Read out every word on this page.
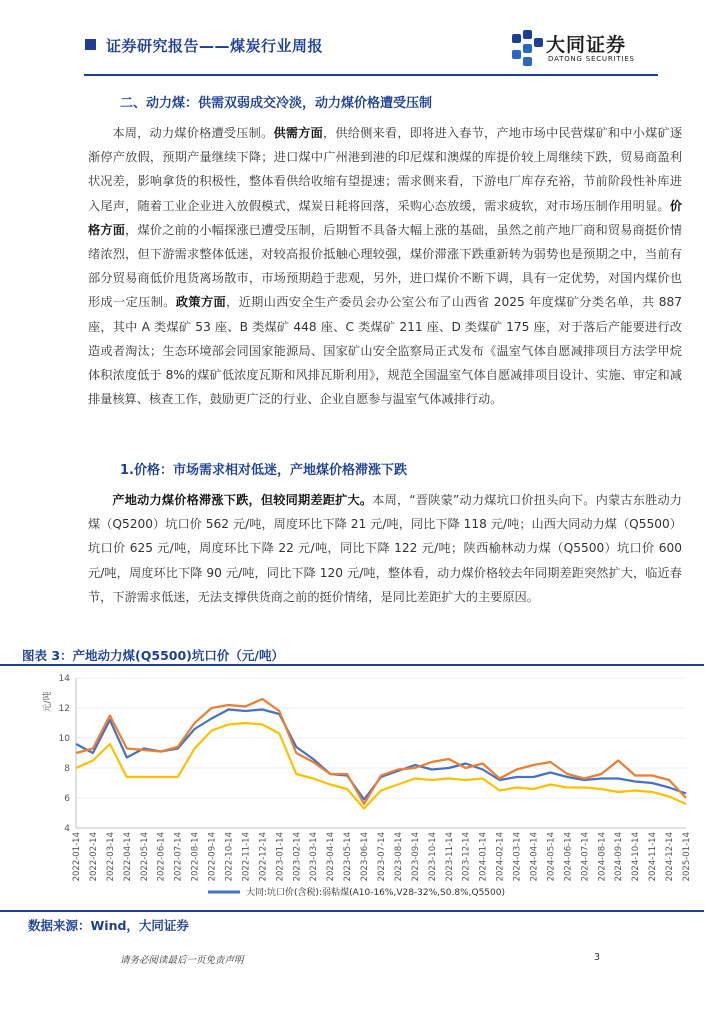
证券研究报告——煤炭行业周报	大同证券
DATONG SECURITIES
二、动力煤：供需双弱成交冷淡，动力煤价格遭受压制
本周，动力煤价格遭受压制。供需方面，供给侧来看，即将进入春节，产地市场中民营煤矿和中小煤矿逐渐停产放假，预期产量继续下降；进口煤中广州港到港的印尼煤和澳煤的库提价较上周继续下跌，贸易商盈利状况差，影响拿货的积极性，整体看供给收缩有望提速；需求侧来看，下游电厂库存充裕，节前阶段性补库进入尾声，随着工业企业进入放假模式，煤炭日耗将回落，采购心态放缓，需求疲软，对市场压制作用明显。价格方面，煤价之前的小幅探涨已遭受压制，后期暂不具备大幅上涨的基础，虽然之前产地厂商和贸易商挺价情绪浓烈，但下游需求整体低迷，对较高报价抵触心理较强，煤价滞涨下跌重新转为弱势也是预期之中，当前有部分贸易商低价甩货离场散市，市场预期趋于悲观，另外，进口煤价不断下调，具有一定优势，对国内煤价也形成一定压制。政策方面，近期山西安全生产委员会办公室公布了山西省 2025 年度煤矿分类名单，共 887 座，其中 A 类煤矿 53 座、B 类煤矿 448 座、C 类煤矿 211 座、D 类煤矿 175 座，对于落后产能要进行改造或者淘汰；生态环境部会同国家能源局、国家矿山安全监察局正式发布《温室气体自愿减排项目方法学甲烷体积浓度低于 8%的煤矿低浓度瓦斯和风排瓦斯利用》，规范全国温室气体自愿减排项目设计、实施、审定和减排量核算、核查工作，鼓励更广泛的行业、企业自愿参与温室气体减排行动。
1.价格：市场需求相对低迷，产地煤价格滞涨下跌
产地动力煤价格滞涨下跌，但较同期差距扩大。本周，“晋陕蒙”动力煤坑口价扭头向下。内蒙古东胜动力煤（Q5200）坑口价 562 元/吨，周度环比下降 21 元/吨，同比下降 118 元/吨；山西大同动力煤（Q5500）坑口价 625 元/吨，周度环比下降 22 元/吨，同比下降 122 元/吨；陕西榆林动力煤（Q5500）坑口价 600 元/吨，周度环比下降 90 元/吨，同比下降 120 元/吨，整体看，动力煤价格较去年同期差距突然扩大，临近春节，下游需求低迷，无法支撑供货商之前的挺价情绪，是同比差距扩大的主要原因。
图表 3：产地动力煤(Q5500)坑口价（元/吨）
4
6
8
10
12
14
元/吨
2022-01-14 2022-02-14 2022-03-14 2022-04-14 2022-05-14 2022-06-14 2022-07-14 2022-08-14 2022-09-14 2022-10-14 2022-11-14 2022-12-14 2023-01-14 2023-02-14 2023-03-14 2023-04-14 2023-05-14 2023-06-14 2023-07-14 2023-08-14 2023-09-14 2023-10-14 2023-11-14 2023-12-14 2024-01-14 2024-02-14 2024-03-14 2024-04-14 2024-05-14 2024-06-14 2024-07-14 2024-08-14 2024-09-14 2024-10-14 2024-11-14 2024-12-14 2025-01-14
大同:坑口价(含税):弱粘煤(A10-16%,V28-32%,S0.8%,Q5500)
数据来源：Wind，大同证券
请务必阅读最后一页免责声明	3
